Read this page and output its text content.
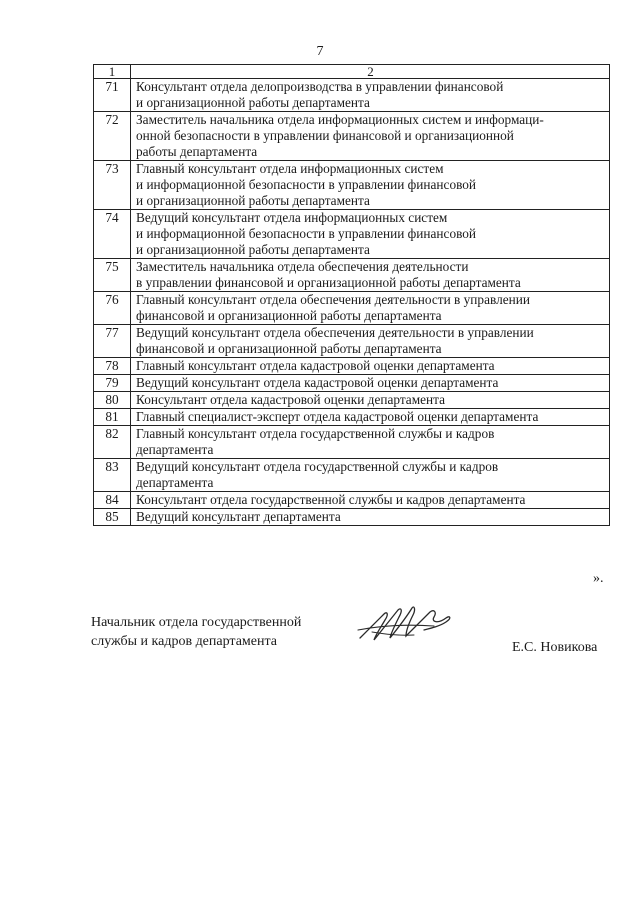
7
1	2
71	Консультант отдела делопроизводства в управлении финансовой
и организационной работы департамента

72	Заместитель начальника отдела информационных систем и информаци-
онной безопасности в управлении финансовой и организационной
работы департамента

73	Главный консультант отдела информационных систем
и информационной безопасности в управлении финансовой
и организационной работы департамента

74	Ведущий консультант отдела информационных систем
и информационной безопасности в управлении финансовой
и организационной работы департамента

75	Заместитель начальника отдела обеспечения деятельности
в управлении финансовой и организационной работы департамента

76	Главный консультант отдела обеспечения деятельности в управлении
финансовой и организационной работы департамента

77	Ведущий консультант отдела обеспечения деятельности в управлении
финансовой и организационной работы департамента

78	Главный консультант отдела кадастровой оценки департамента

79	Ведущий консультант отдела кадастровой оценки департамента

80	Консультант отдела кадастровой оценки департамента

81	Главный специалист-эксперт отдела кадастровой оценки департамента

82	Главный консультант отдела государственной службы и кадров
департамента

83	Ведущий консультант отдела государственной службы и кадров
департамента

84	Консультант отдела государственной службы и кадров департамента

85	Ведущий консультант департамента
».
Начальник отдела государственной
службы и кадров департамента	Е.С. Новикова
